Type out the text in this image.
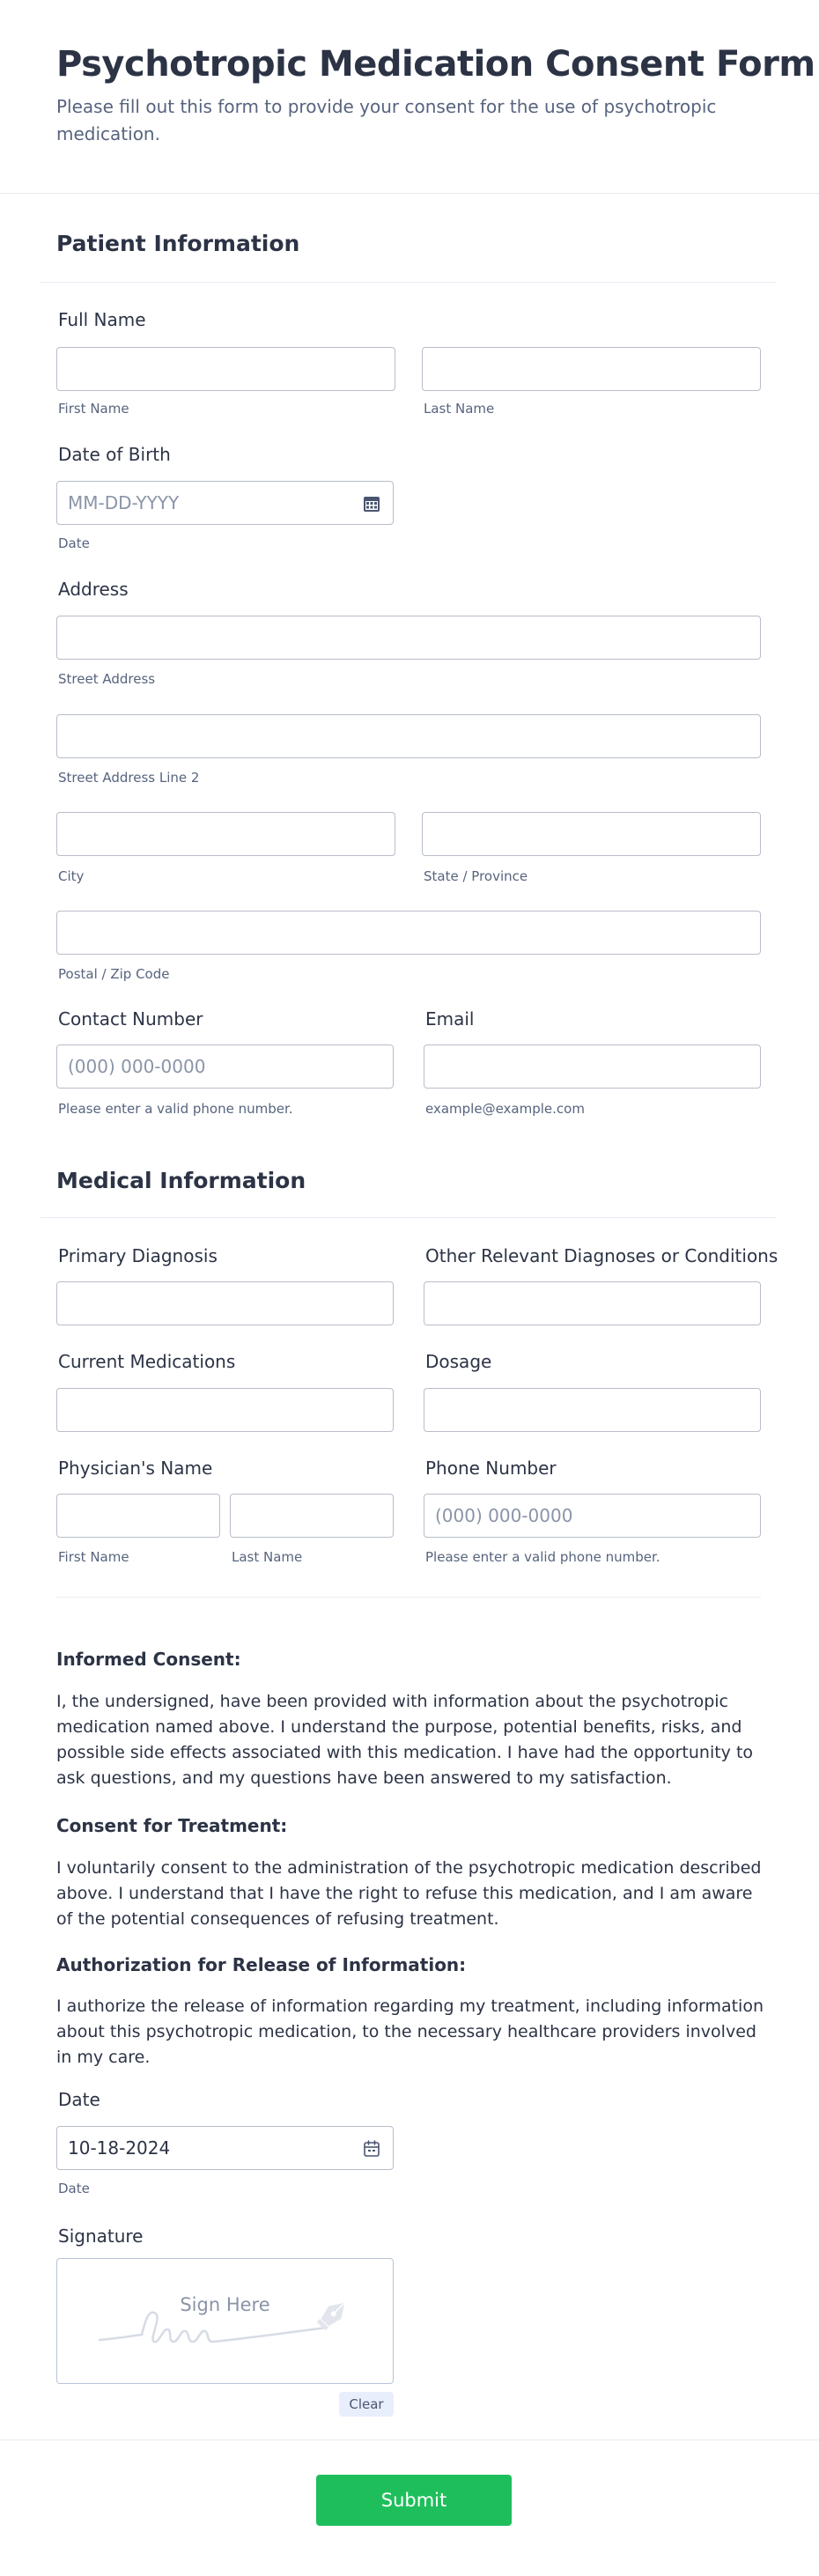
Psychotropic Medication Consent Form
Please fill out this form to provide your consent for the use of psychotropic medication.
Patient Information
Full Name
First Name	Last Name
Date of Birth
MM-DD-YYYY
Date
Address
Street Address
Street Address Line 2
City	State / Province
Postal / Zip Code
Contact Number
(000) 000-0000
Please enter a valid phone number.
Email
example@example.com
Medical Information
Primary Diagnosis	Other Relevant Diagnoses or Conditions
Current Medications	Dosage
Physician's Name
First Name	Last Name
Phone Number
(000) 000-0000
Please enter a valid phone number.
Informed Consent:
I, the undersigned, have been provided with information about the psychotropic medication named above. I understand the purpose, potential benefits, risks, and possible side effects associated with this medication. I have had the opportunity to ask questions, and my questions have been answered to my satisfaction.
Consent for Treatment:
I voluntarily consent to the administration of the psychotropic medication described above. I understand that I have the right to refuse this medication, and I am aware of the potential consequences of refusing treatment.
Authorization for Release of Information:
I authorize the release of information regarding my treatment, including information about this psychotropic medication, to the necessary healthcare providers involved in my care.
Date
10-18-2024
Date
Signature
Sign Here
Clear
Submit
